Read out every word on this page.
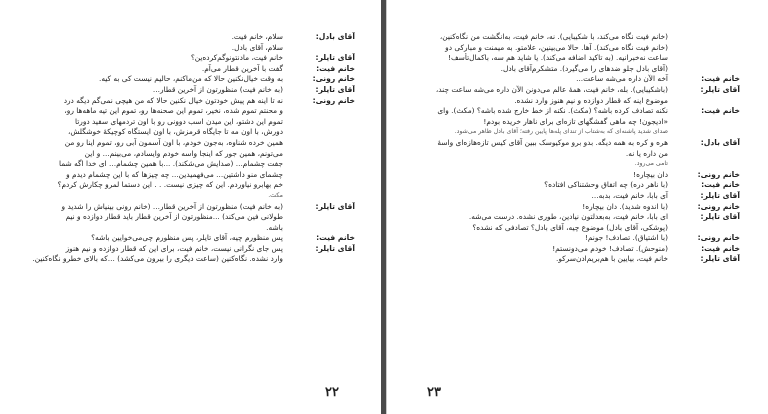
آقای بادل:
سلام، خانم فیت.
سلام، آقای بادل.
آقای تایلر:
خانم فیت، ما‌دنتو‌نو‌گم‌کرده‌ین؟
خانم فیت:
گفت با آخرین قطار می‌آم.
خانم رونی:
به وقت خیال‌نکنین حالا که من‌ماکنم، حالیم نیست کی به کیه.
آقای تایلر:
(به خانم فیت) منظورتون از آخرین قطار...
خانم رونی:
نه تا اینه هم پیش خودتون خیال نکنین حالا که من هیچی نمی‌گم دیگه درد
و محنتم تموم شده، نخیر، تموم این صحنه‌ها رو، تموم این تیه‌ ماهه‌ها رو،
تموم این دشتو، این میدن اسب دوونی رو با اون تردمهای سفید دورتا
دورش، با اون مه تا جایگاه قرمزش، با اون ایستگاه کوچیکهٔ خوشگلش،
همین خرده ‌شناوه، به‌جون خودم، با اون آسمون آبی رو، تموم اینا رو من
می‌تونم، همین جور که اینجا واسه خودم وایسادم، می‌بینم... و این
جفت چشمام... (صدایش می‌شکند). ...با همین چشمام... ای خدا اگه شما
چشمای منو داشتین... می‌فهمیدین... چه چیزها که با این چشمام دیدم و
خم بهابرو نیاوردم. این که چیزی نیست. . . این دستما لمرو چکارش کردم؟
مکث.
آقای تایلر:
(به خانم فیت) منظورتون از آخرین قطار... (خانم رونی بینیاش را شدید و
طولانی فین می‌کند) ...منظورتون از آخرین قطار باید قطار دوازده و نیم
باشه.
خانم فیت:
پس منظورم چیه، آقای تایلر، پس منظورم چی‌می‌خوایین باشه؟
آقای تایلر:
پس جای نگرانی نیست، خانم فیت، برای این که قطار دوازده و نیم هنوز
وارد نشده. نگاه‌کنین (ساعت دیگری را بیرون می‌کشد) ...که بالای خطرو نگاه‌کنین.
۲۲
(خانم فیت نگاه می‌کند، با شکیبایی). نه، خانم فیت، به‌انگشت من نگاه‌کنین،
(خانم فیت نگاه می‌کند). آها. حالا می‌بینین، علامتو. به میمنت و مبارکی دو
ساعت نه‌خبرانیه. (به تاکید اضافه می‌کند). یا شاید هم سه، باکمال‌تأسف!
(آقای بادل جلو ضدهای را می‌گیرد). متشکرم‌آقای بادل.
خانم فیت:
آخه الآن داره می‌شه ساعت...
آقای تایلر:
(باشکیبایی). بله، خانم فیت، همهٔ عالم می‌دونن الآن داره می‌شه ساعت چند،
موضوع اینه که قطار دوازده و نیم هنوز وارد نشده.
خانم فیت:
نکنه تصادف کرده باشه؟ (مکث). نکنه از خط خارج شده باشه؟ (مکث). وای
«ادیجون! چه ماهی گفشگهای تازه‌ای برای ناهار خریده بودم!
صدای شدید پاشنه‌ای که به‌شتاب از تندای پله‌ها پایین رفته؛ آقای بادل ظاهر می‌شود.
آقای بادل:
هره و کره به همه دیگه. بدو برو مو‌کیوسک ببین آقای کیس تازه‌ها‌زه‌ای واسهٔ
من داره یا نه.
تامی می‌رود.
خانم رونی:
دان بیچاره!
خانم فیت:
(با ناهر دره‌) چه اتفاق وحشتناکی افتاده؟
آقای تایلر:
آی بابا، خانم فیت، بدبه...
خانم رونی:
(با اندوه شدید). دان بیچاره!
آقای تایلر:
ای بابا، خانم فیت، به‌بعدلتون نیادین، طوری نشده. درست می‌شه.
(پوشکی، آقای بادل) موضوع چیه، آقای بادل؟ تصادفی که نشده؟
خانم رونی:
(با اشتیاق). تصادف! جونم!
خانم فیت:
(منوحش). تصادف! خودم می‌دونستم!
آقای تایلر:
خانم فیت، بیایین با هم‌بریم‌ادن‌سرکو.
۲۳
